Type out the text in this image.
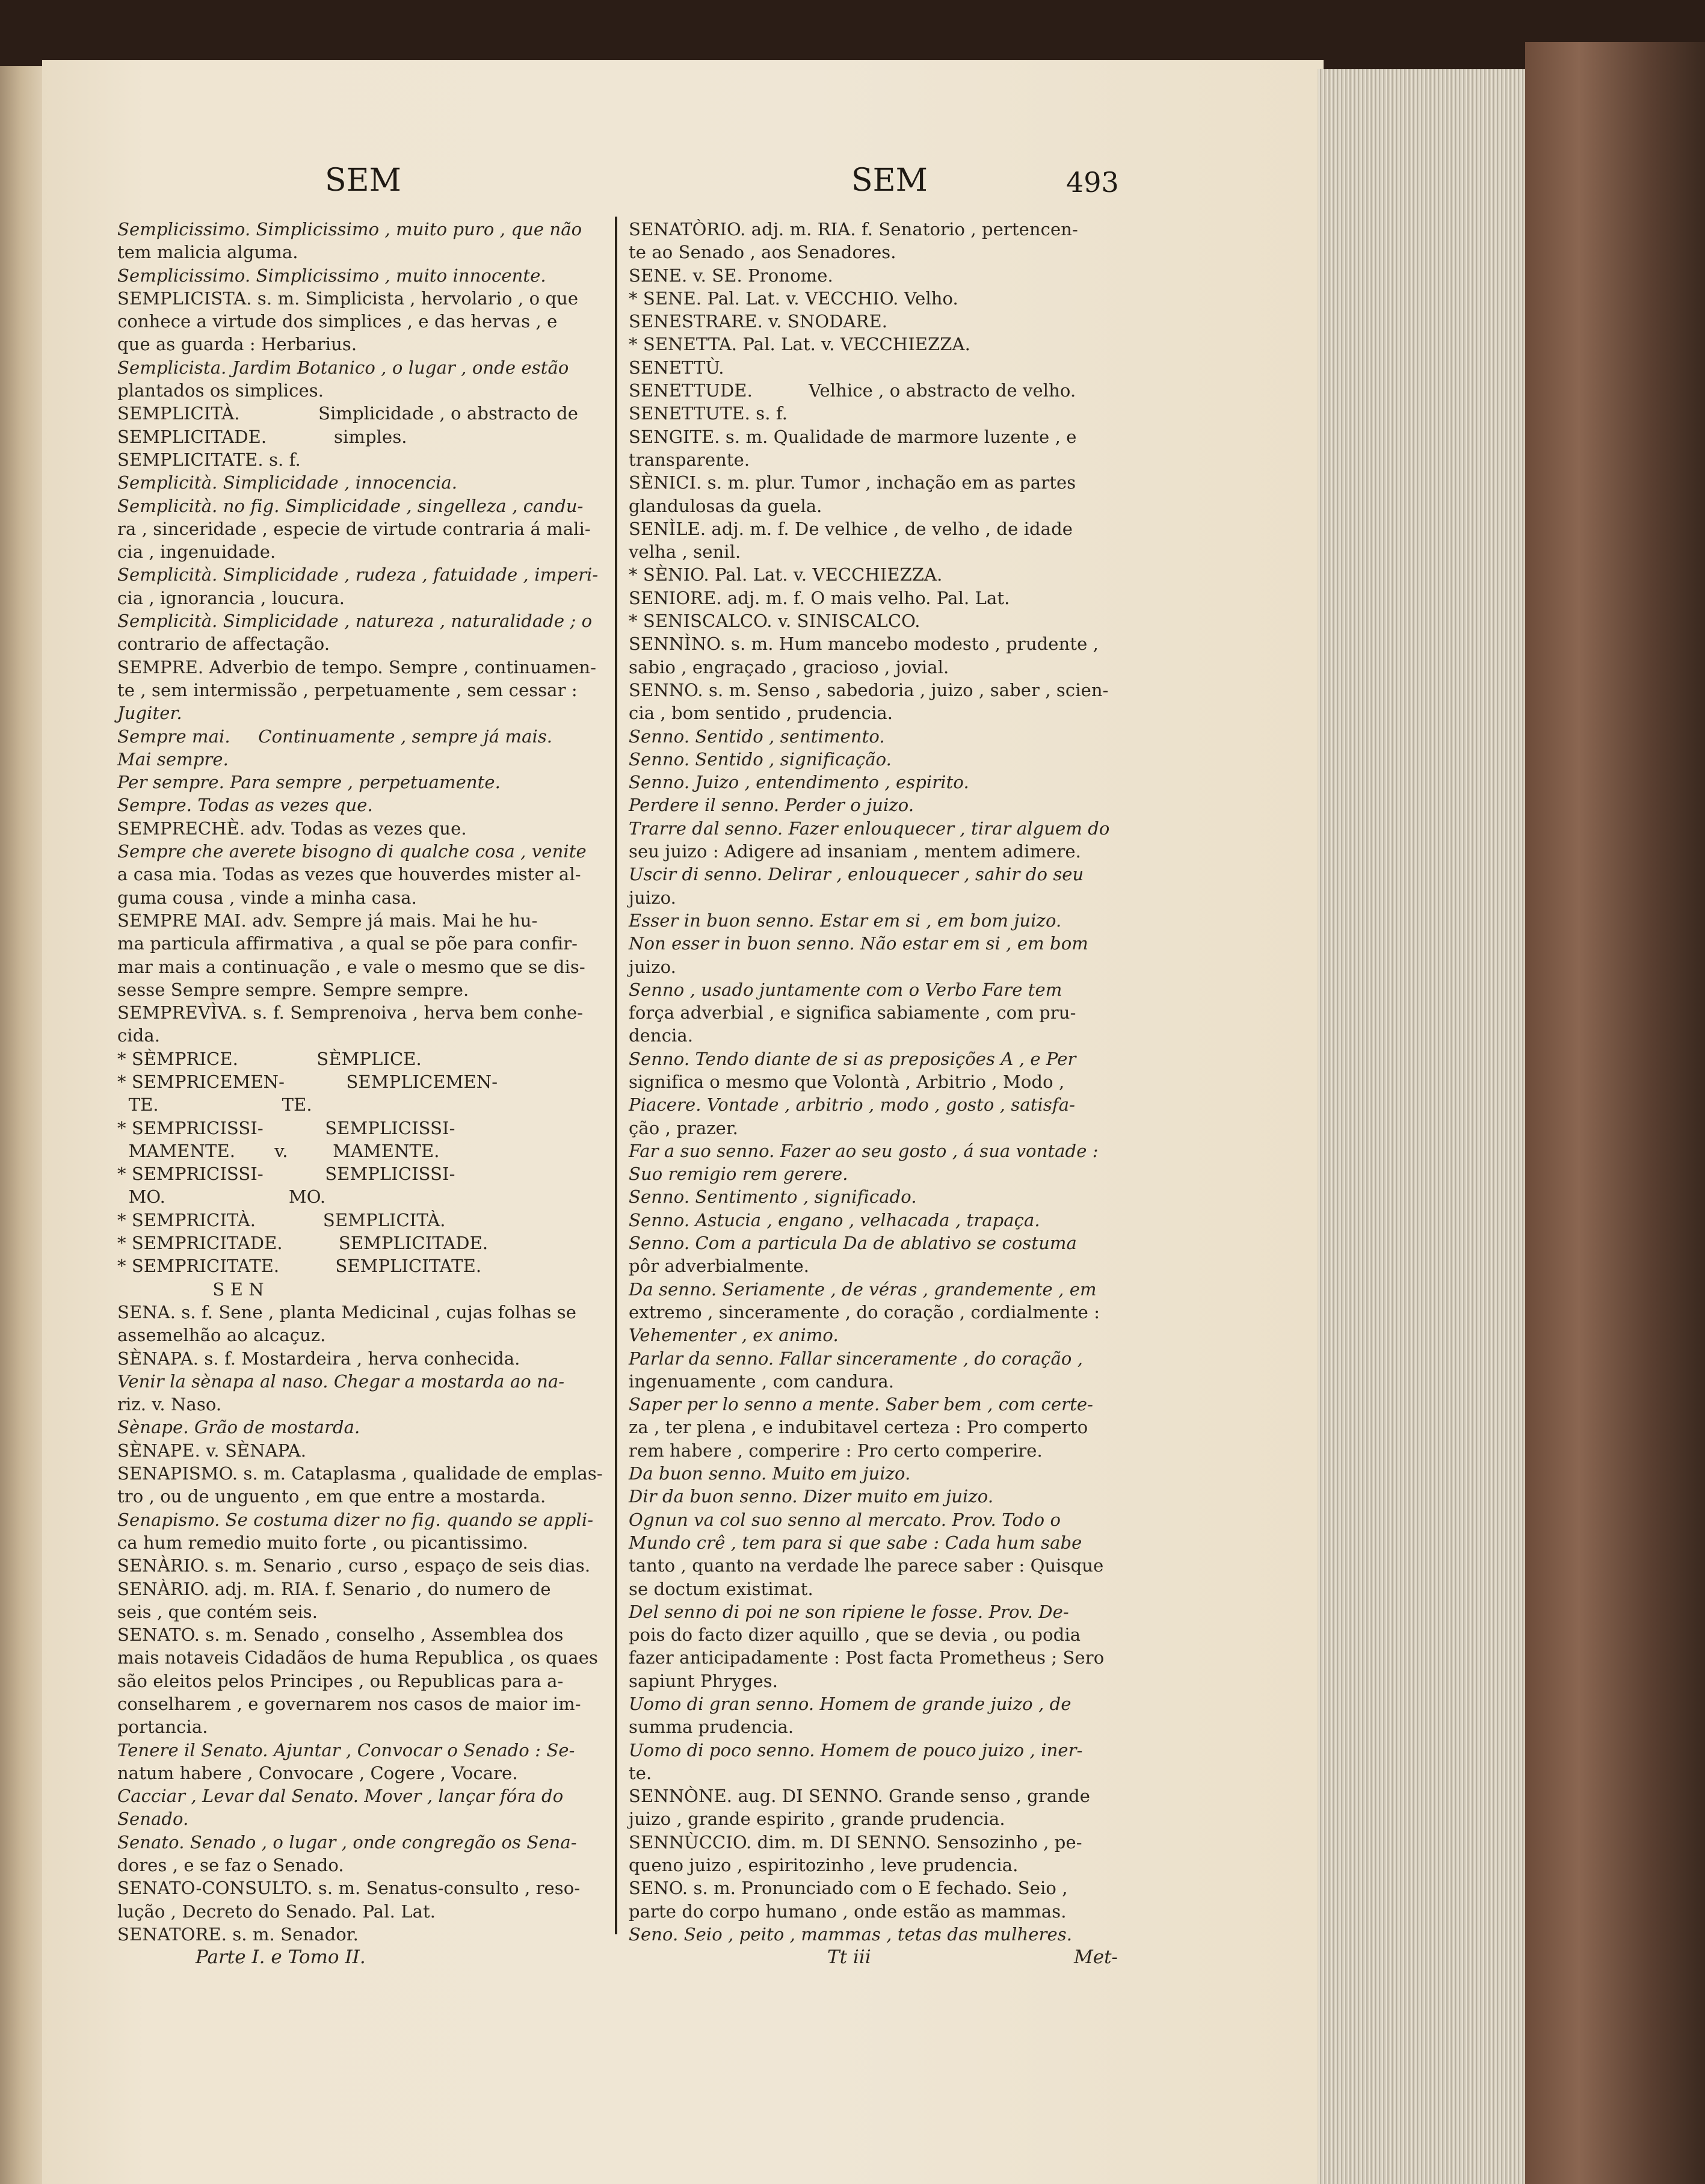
SEM	SEM	493
Semplicissimo. Simplicissimo , muito puro , que não
tem malicia alguma.
Semplicissimo. Simplicissimo , muito innocente.
SEMPLICISTA. s. m. Simplicista , hervolario , o que
conhece a virtude dos simplices , e das hervas , e
que as guarda : Herbarius.
Semplicista. Jardim Botanico , o lugar , onde estão
plantados os simplices.
SEMPLICITÀ.              Simplicidade , o abstracto de
SEMPLICITADE.            simples.
SEMPLICITATE. s. f.
Semplicità. Simplicidade , innocencia.
Semplicità. no fig. Simplicidade , singelleza , candu-
ra , sinceridade , especie de virtude contraria á mali-
cia , ingenuidade.
Semplicità. Simplicidade , rudeza , fatuidade , imperi-
cia , ignorancia , loucura.
Semplicità. Simplicidade , natureza , naturalidade ; o
contrario de affectação.
SEMPRE. Adverbio de tempo. Sempre , continuamen-
te , sem intermissão , perpetuamente , sem cessar :
Jugiter.
Sempre mai.     Continuamente , sempre já mais.
Mai sempre.
Per sempre. Para sempre , perpetuamente.
Sempre. Todas as vezes que.
SEMPRECHÈ. adv. Todas as vezes que.
Sempre che averete bisogno di qualche cosa , venite
a casa mia. Todas as vezes que houverdes mister al-
guma cousa , vinde a minha casa.
SEMPRE MAI. adv. Sempre já mais. Mai he hu-
ma particula affirmativa , a qual se põe para confir-
mar mais a continuação , e vale o mesmo que se dis-
sesse Sempre sempre. Sempre sempre.
SEMPREVÌVA. s. f. Semprenoiva , herva bem conhe-
cida.
* SÈMPRICE.              SÈMPLICE.
* SEMPRICEMEN-           SEMPLICEMEN-
TE.                      TE.
* SEMPRICISSI-           SEMPLICISSI-
MAMENTE.       v.        MAMENTE.
* SEMPRICISSI-           SEMPLICISSI-
MO.                      MO.
* SEMPRICITÀ.            SEMPLICITÀ.
* SEMPRICITADE.          SEMPLICITADE.
* SEMPRICITATE.          SEMPLICITATE.
S E N
SENA. s. f. Sene , planta Medicinal , cujas folhas se
assemelhão ao alcaçuz.
SÈNAPA. s. f. Mostardeira , herva conhecida.
Venir la sènapa al naso. Chegar a mostarda ao na-
riz. v. Naso.
Sènape. Grão de mostarda.
SÈNAPE. v. SÈNAPA.
SENAPISMO. s. m. Cataplasma , qualidade de emplas-
tro , ou de unguento , em que entre a mostarda.
Senapismo. Se costuma dizer no fig. quando se appli-
ca hum remedio muito forte , ou picantissimo.
SENÀRIO. s. m. Senario , curso , espaço de seis dias.
SENÀRIO. adj. m. RIA. f. Senario , do numero de
seis , que contém seis.
SENATO. s. m. Senado , conselho , Assemblea dos
mais notaveis Cidadãos de huma Republica , os quaes
são eleitos pelos Principes , ou Republicas para a-
conselharem , e governarem nos casos de maior im-
portancia.
Tenere il Senato. Ajuntar , Convocar o Senado : Se-
natum habere , Convocare , Cogere , Vocare.
Cacciar , Levar dal Senato. Mover , lançar fóra do
Senado.
Senato. Senado , o lugar , onde congregão os Sena-
dores , e se faz o Senado.
SENATO-CONSULTO. s. m. Senatus-consulto , reso-
lução , Decreto do Senado. Pal. Lat.
SENATORE. s. m. Senador.
SENATÒRIO. adj. m. RIA. f. Senatorio , pertencen-
te ao Senado , aos Senadores.
SENE. v. SE. Pronome.
* SENE. Pal. Lat. v. VECCHIO. Velho.
SENESTRARE. v. SNODARE.
* SENETTA. Pal. Lat. v. VECCHIEZZA.
SENETTÙ.
SENETTUDE.          Velhice , o abstracto de velho.
SENETTUTE. s. f.
SENGITE. s. m. Qualidade de marmore luzente , e
transparente.
SÈNICI. s. m. plur. Tumor , inchação em as partes
glandulosas da guela.
SENÌLE. adj. m. f. De velhice , de velho , de idade
velha , senil.
* SÈNIO. Pal. Lat. v. VECCHIEZZA.
SENIORE. adj. m. f. O mais velho. Pal. Lat.
* SENISCALCO. v. SINISCALCO.
SENNÌNO. s. m. Hum mancebo modesto , prudente ,
sabio , engraçado , gracioso , jovial.
SENNO. s. m. Senso , sabedoria , juizo , saber , scien-
cia , bom sentido , prudencia.
Senno. Sentido , sentimento.
Senno. Sentido , significação.
Senno. Juizo , entendimento , espirito.
Perdere il senno. Perder o juizo.
Trarre dal senno. Fazer enlouquecer , tirar alguem do
seu juizo : Adigere ad insaniam , mentem adimere.
Uscir di senno. Delirar , enlouquecer , sahir do seu
juizo.
Esser in buon senno. Estar em si , em bom juizo.
Non esser in buon senno. Não estar em si , em bom
juizo.
Senno , usado juntamente com o Verbo Fare tem
força adverbial , e significa sabiamente , com pru-
dencia.
Senno. Tendo diante de si as preposições A , e Per
significa o mesmo que Volontà , Arbitrio , Modo ,
Piacere. Vontade , arbitrio , modo , gosto , satisfa-
ção , prazer.
Far a suo senno. Fazer ao seu gosto , á sua vontade :
Suo remigio rem gerere.
Senno. Sentimento , significado.
Senno. Astucia , engano , velhacada , trapaça.
Senno. Com a particula Da de ablativo se costuma
pôr adverbialmente.
Da senno. Seriamente , de véras , grandemente , em
extremo , sinceramente , do coração , cordialmente :
Vehementer , ex animo.
Parlar da senno. Fallar sinceramente , do coração ,
ingenuamente , com candura.
Saper per lo senno a mente. Saber bem , com certe-
za , ter plena , e indubitavel certeza : Pro comperto
rem habere , comperire : Pro certo comperire.
Da buon senno. Muito em juizo.
Dir da buon senno. Dizer muito em juizo.
Ognun va col suo senno al mercato. Prov. Todo o
Mundo crê , tem para si que sabe : Cada hum sabe
tanto , quanto na verdade lhe parece saber : Quisque
se doctum existimat.
Del senno di poi ne son ripiene le fosse. Prov. De-
pois do facto dizer aquillo , que se devia , ou podia
fazer anticipadamente : Post facta Prometheus ; Sero
sapiunt Phryges.
Uomo di gran senno. Homem de grande juizo , de
summa prudencia.
Uomo di poco senno. Homem de pouco juizo , iner-
te.
SENNÒNE. aug. DI SENNO. Grande senso , grande
juizo , grande espirito , grande prudencia.
SENNÙCCIO. dim. m. DI SENNO. Sensozinho , pe-
queno juizo , espiritozinho , leve prudencia.
SENO. s. m. Pronunciado com o E fechado. Seio ,
parte do corpo humano , onde estão as mammas.
Seno. Seio , peito , mammas , tetas das mulheres.
Parte I. e Tomo II.	Tt iii	Met-
